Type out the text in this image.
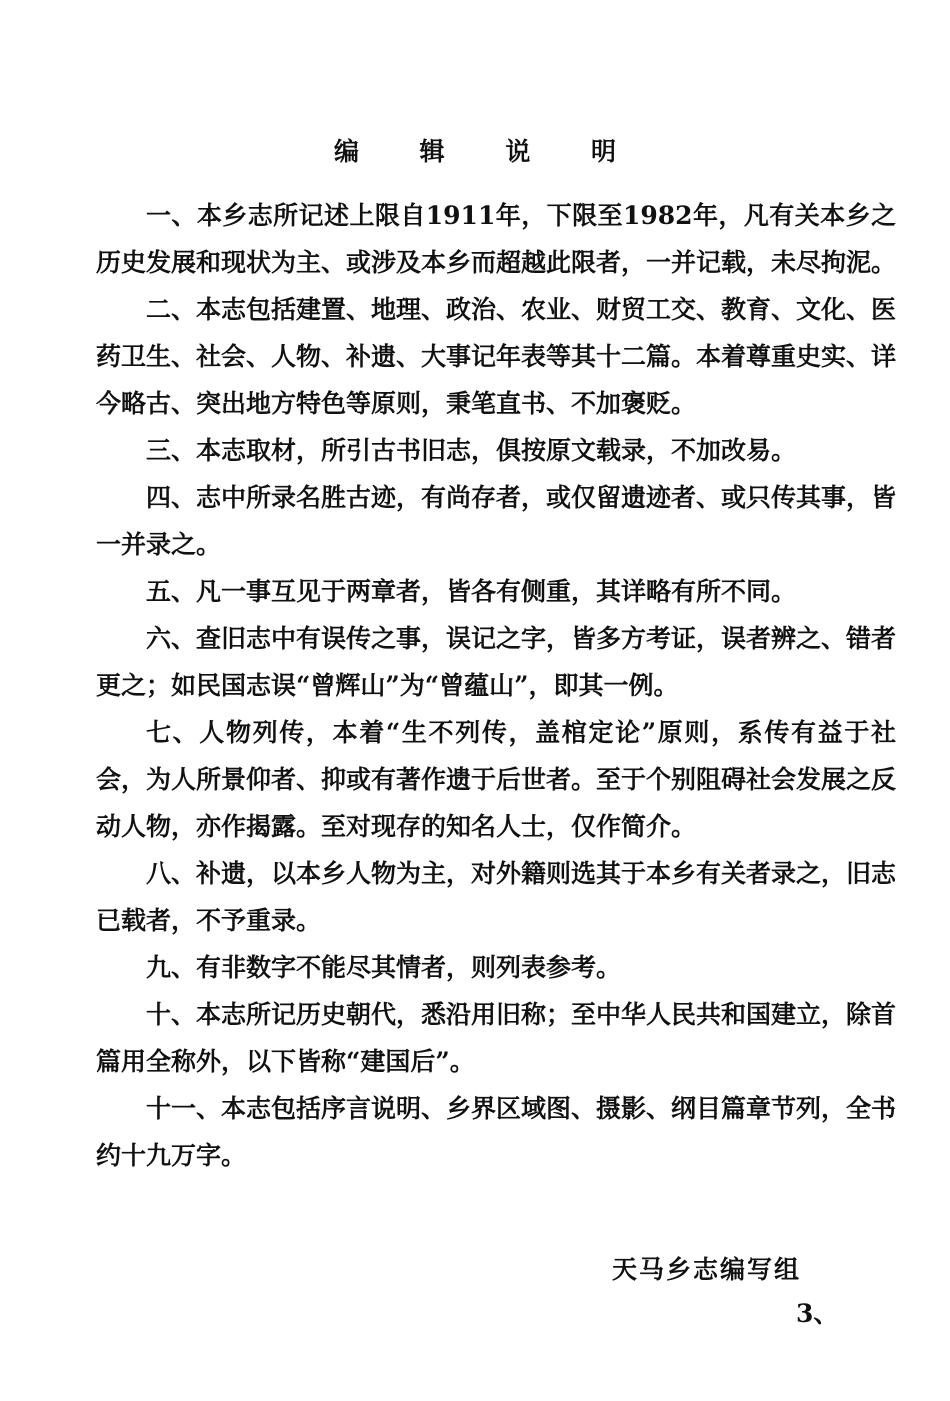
编 辑 说 明

一、本乡志所记述上限自1911年，下限至1982年，凡有关本乡之历史发展和现状为主、或涉及本乡而超越此限者，一并记载，未尽拘泥。

二、本志包括建置、地理、政治、农业、财贸工交、教育、文化、医药卫生、社会、人物、补遗、大事记年表等其十二篇。本着尊重史实、详今略古、突出地方特色等原则，秉笔直书、不加褒贬。

三、本志取材，所引古书旧志，俱按原文载录，不加改易。

四、志中所录名胜古迹，有尚存者，或仅留遗迹者、或只传其事，皆一并录之。

五、凡一事互见于两章者，皆各有侧重，其详略有所不同。

六、查旧志中有误传之事，误记之字，皆多方考证，误者辨之、错者更之；如民国志误“曾辉山”为“曾蕴山”，即其一例。

七、人物列传，本着“生不列传，盖棺定论”原则，系传有益于社会，为人所景仰者、抑或有著作遗于后世者。至于个别阻碍社会发展之反动人物，亦作揭露。至对现存的知名人士，仅作简介。

八、补遗，以本乡人物为主，对外籍则选其于本乡有关者录之，旧志已载者，不予重录。

九、有非数字不能尽其情者，则列表参考。

十、本志所记历史朝代，悉沿用旧称；至中华人民共和国建立，除首篇用全称外，以下皆称“建国后”。

十一、本志包括序言说明、乡界区域图、摄影、纲目篇章节列，全书约十九万字。

天马乡志编写组
3、
